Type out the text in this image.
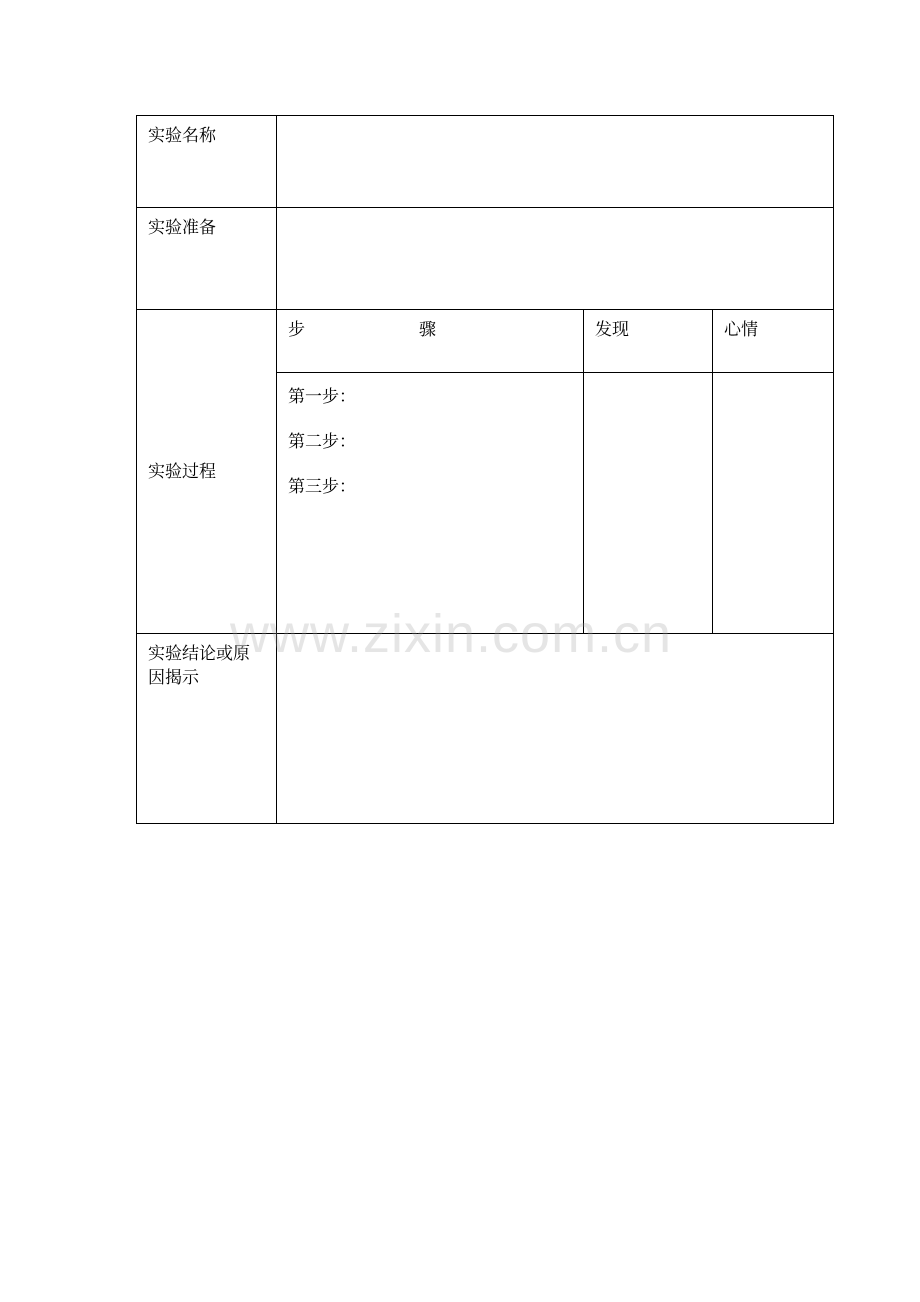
实验名称			
实验准备			
实验过程	步 骤	发现	心情

	第一步：
第二步：
第三步：		

实验结论或原因揭示			
www.zixin.com.cn
